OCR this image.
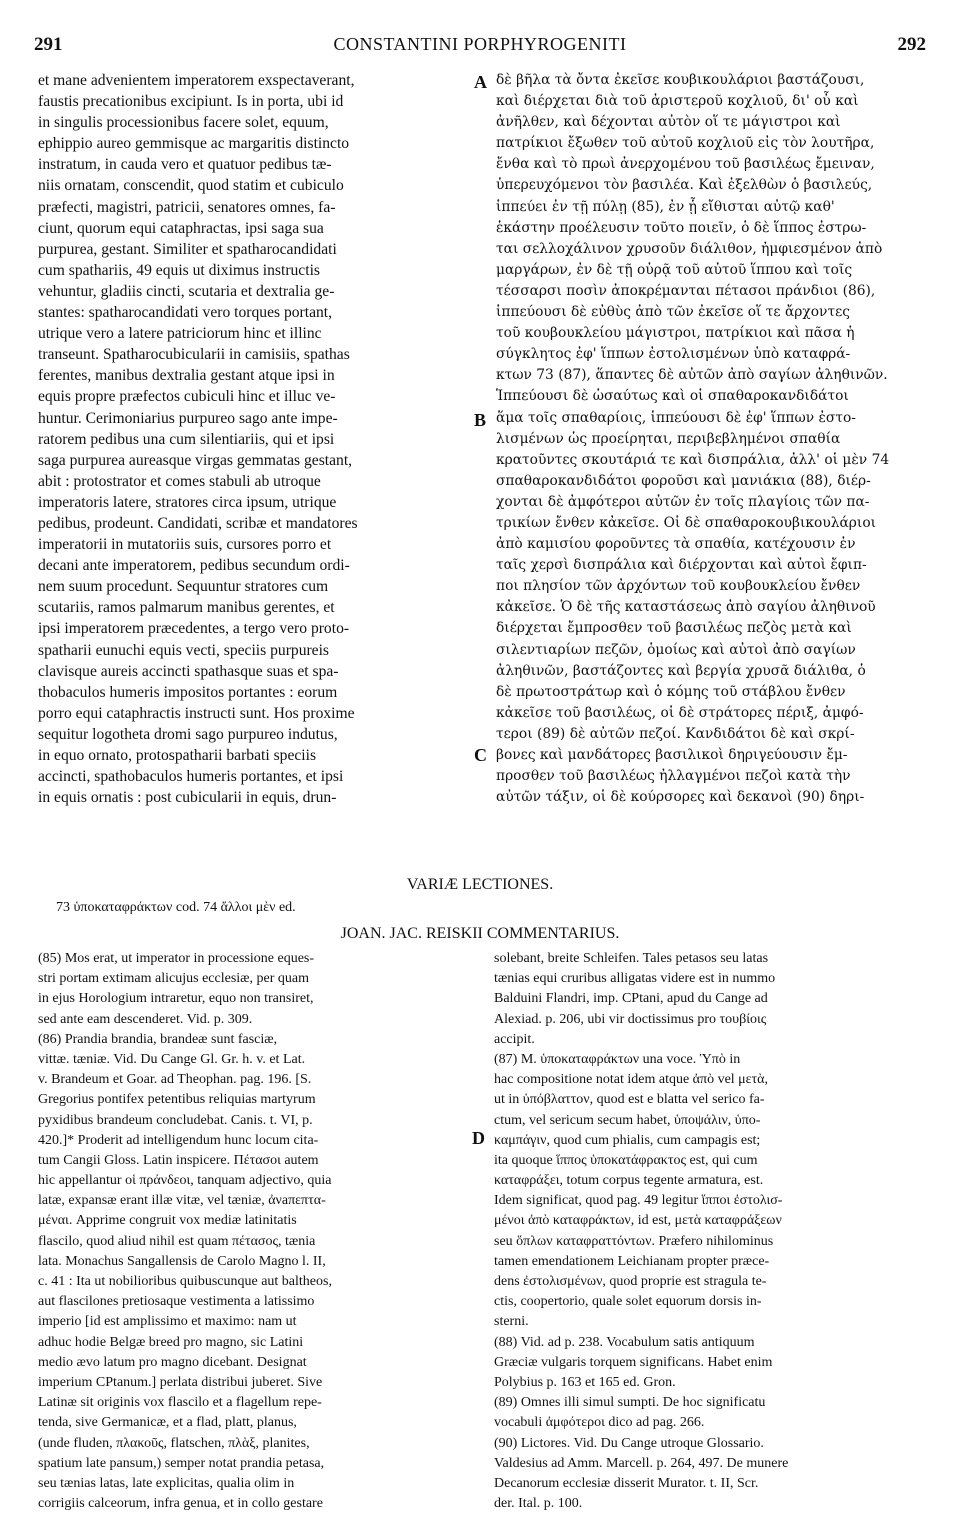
291	CONSTANTINI PORPHYROGENITI	292
et mane advenientem imperatorem exspectaverant,
faustis precationibus excipiunt. Is in porta, ubi id
in singulis processionibus facere solet, equum,
ephippio aureo gemmisque ac margaritis distincto
instratum, in cauda vero et quatuor pedibus tæ-
niis ornatam, conscendit, quod statim et cubiculo
præfecti, magistri, patricii, senatores omnes, fa-
ciunt, quorum equi cataphractas, ipsi saga sua
purpurea, gestant. Similiter et spatharocandidati
cum spathariis, 49 equis ut diximus instructis
vehuntur, gladiis cincti, scutaria et dextralia ge-
stantes: spatharocandidati vero torques portant,
utrique vero a latere patriciorum hinc et illinc
transeunt. Spatharocubicularii in camisiis, spathas
ferentes, manibus dextralia gestant atque ipsi in
equis propre præfectos cubiculi hinc et illuc ve-
huntur. Cerimoniarius purpureo sago ante impe-
ratorem pedibus una cum silentiariis, qui et ipsi
saga purpurea aureasque virgas gemmatas gestant,
abit : protostrator et comes stabuli ab utroque
imperatoris latere, stratores circa ipsum, utrique
pedibus, prodeunt. Candidati, scribæ et mandatores
imperatorii in mutatoriis suis, cursores porro et
decani ante imperatorem, pedibus secundum ordi-
nem suum procedunt. Sequuntur stratores cum
scutariis, ramos palmarum manibus gerentes, et
ipsi imperatorem præcedentes, a tergo vero proto-
spatharii eunuchi equis vecti, speciis purpureis
clavisque aureis accincti spathasque suas et spa-
thobaculos humeris impositos portantes : eorum
porro equi cataphractis instructi sunt. Hos proxime
sequitur logotheta dromi sago purpureo indutus,
in equo ornato, protospatharii barbati speciis
accincti, spathobaculos humeris portantes, et ipsi
in equis ornatis : post cubicularii in equis, drun-
δὲ βῆλα τὰ ὄντα ἐκεῖσε κουβικουλάριοι βαστάζουσι,
καὶ διέρχεται διὰ τοῦ ἀριστεροῦ κοχλιοῦ, δι' οὗ καὶ
ἀνῆλθεν, καὶ δέχονται αὐτὸν οἵ τε μάγιστροι καὶ
πατρίκιοι ἔξωθεν τοῦ αὐτοῦ κοχλιοῦ εἰς τὸν λουτῆρα,
ἔνθα καὶ τὸ πρωὶ ἀνερχομένου τοῦ βασιλέως ἔμειναν,
ὑπερευχόμενοι τὸν βασιλέα. Καὶ ἐξελθὼν ὁ βασιλεύς,
ἱππεύει ἐν τῇ πύλῃ (85), ἐν ᾗ εἴθισται αὐτῷ καθ'
ἑκάστην προέλευσιν τοῦτο ποιεῖν, ὁ δὲ ἵππος ἐστρω-
ται σελλοχάλινον χρυσοῦν διάλιθον, ἠμφιεσμένον ἀπὸ
μαργάρων, ἐν δὲ τῇ οὐρᾷ τοῦ αὐτοῦ ἵππου καὶ τοῖς
τέσσαρσι ποσὶν ἀποκρέμανται πέτασοι πράνδιοι (86),
ἱππεύουσι δὲ εὐθὺς ἀπὸ τῶν ἐκεῖσε οἵ τε ἄρχοντες
τοῦ κουβουκλείου μάγιστροι, πατρίκιοι καὶ πᾶσα ἡ
σύγκλητος ἐφ' ἵππων ἐστολισμένων ὑπὸ καταφρά-
κτων 73 (87), ἅπαντες δὲ αὐτῶν ἀπὸ σαγίων ἀληθινῶν.
Ἱππεύουσι δὲ ὡσαύτως καὶ οἱ σπαθαροκανδιδάτοι
ἅμα τοῖς σπαθαρίοις, ἱππεύουσι δὲ ἐφ' ἵππων ἐστο-
λισμένων ὡς προείρηται, περιβεβλημένοι σπαθία
κρατοῦντες σκουτάριά τε καὶ δισπράλια, ἀλλ' οἱ μὲν 74
σπαθαροκανδιδάτοι φοροῦσι καὶ μανιάκια (88), διέρ-
χονται δὲ ἀμφότεροι αὐτῶν ἐν τοῖς πλαγίοις τῶν πα-
τρικίων ἔνθεν κἀκεῖσε. Οἱ δὲ σπαθαροκουβικουλάριοι
ἀπὸ καμισίου φοροῦντες τὰ σπαθία, κατέχουσιν ἐν
ταῖς χερσὶ δισπράλια καὶ διέρχονται καὶ αὐτοὶ ἔφιπ-
ποι πλησίον τῶν ἀρχόντων τοῦ κουβουκλείου ἔνθεν
κἀκεῖσε. Ὁ δὲ τῆς καταστάσεως ἀπὸ σαγίου ἀληθινοῦ
διέρχεται ἔμπροσθεν τοῦ βασιλέως πεζὸς μετὰ καὶ
σιλεντιαρίων πεζῶν, ὁμοίως καὶ αὐτοὶ ἀπὸ σαγίων
ἀληθινῶν, βαστάζοντες καὶ βεργία χρυσᾶ διάλιθα, ὁ
δὲ πρωτοστράτωρ καὶ ὁ κόμης τοῦ στάβλου ἔνθεν
κἀκεῖσε τοῦ βασιλέως, οἱ δὲ στράτορες πέριξ, ἀμφό-
τεροι (89) δὲ αὐτῶν πεζοί. Κανδιδάτοι δὲ καὶ σκρί-
βονες καὶ μανδάτορες βασιλικοὶ δηριγεύουσιν ἔμ-
προσθεν τοῦ βασιλέως ἠλλαγμένοι πεζοὶ κατὰ τὴν
αὐτῶν τάξιν, οἱ δὲ κούρσορες καὶ δεκανοὶ (90) δηρι-
A
B
C
D
VARIÆ LECTIONES.
73 ὑποκαταφράκτων cod. 74 ἄλλοι μὲν ed.
JOAN. JAC. REISKII COMMENTARIUS.
(85) Mos erat, ut imperator in processione eques-
stri portam extimam alicujus ecclesiæ, per quam
in ejus Horologium intraretur, equo non transiret,
sed ante eam descenderet. Vid. p. 309.
(86) Prandia brandia, brandeæ sunt fasciæ,
vittæ. tæniæ. Vid. Du Cange Gl. Gr. h. v. et Lat.
v. Brandeum et Goar. ad Theophan. pag. 196. [S.
Gregorius pontifex petentibus reliquias martyrum
pyxidibus brandeum concludebat. Canis. t. VI, p.
420.]* Proderit ad intelligendum hunc locum cita-
tum Cangii Gloss. Latin inspicere. Πέτασοι autem
hic appellantur οἱ πράνδεοι, tanquam adjectivo, quia
latæ, expansæ erant illæ vitæ, vel tæniæ, ἀνaπεπτα-
μέναι. Apprime congruit vox mediæ latinitatis
flascilo, quod aliud nihil est quam πέτασος, tænia
lata. Monachus Sangallensis de Carolo Magno l. II,
c. 41 : Ita ut nobilioribus quibuscunque aut baltheos,
aut flascilones pretiosaque vestimenta a latissimo
imperio [id est amplissimo et maximo: nam ut
adhuc hodie Belgæ breed pro magno, sic Latini
medio ævo latum pro magno dicebant. Designat
imperium CPtanum.] perlata distribui juberet. Sive
Latinæ sit originis vox flascilo et a flagellum repe-
tenda, sive Germanicæ, et a flad, platt, planus,
(unde fluden, πλακοῦς, flatschen, πλὰξ, planites,
spatium late pansum,) semper notat prandia petasa,
seu tænias latas, late explicitas, qualia olim in
corrigiis calceorum, infra genua, et in collo gestare
solebant, breite Schleifen. Tales petasos seu latas
tænias equi cruribus alligatas videre est in nummo
Balduini Flandri, imp. CPtani, apud du Cange ad
Alexiad. p. 206, ubi vir doctissimus pro τουβίοις
accipit.
(87) M. ὑποκαταφράκτων una voce. Ὑπὸ in
hac compositione notat idem atque ἀπὸ vel μετὰ,
ut in ὑπόβλαττον, quod est e blatta vel serico fa-
ctum, vel sericum secum habet, ὑποψάλιν, ὑπο-
καμπάγιν, quod cum phialis, cum campagis est;
ita quoque ἵππος ὑποκατάφρακτος est, qui cum
καταφράξει, totum corpus tegente armatura, est.
Idem significat, quod pag. 49 legitur ἵπποι ἐστολισ-
μένοι ἀπὸ καταφράκτων, id est, μετὰ καταφράξεων
seu ὅπλων καταφραττόντων. Præfero nihilominus
tamen emendationem Leichianam propter præce-
dens ἐστολισμένων, quod proprie est stragula te-
ctis, coopertorio, quale solet equorum dorsis in-
sterni.
(88) Vid. ad p. 238. Vocabulum satis antiquum
Græciæ vulgaris torquem significans. Habet enim
Polybius p. 163 et 165 ed. Gron.
(89) Omnes illi simul sumpti. De hoc significatu
vocabuli ἀμφότεροι dico ad pag. 266.
(90) Lictores. Vid. Du Cange utroque Glossario.
Valdesius ad Amm. Marcell. p. 264, 497. De munere
Decanorum ecclesiæ disserit Murator. t. II, Scr.
der. Ital. p. 100.
